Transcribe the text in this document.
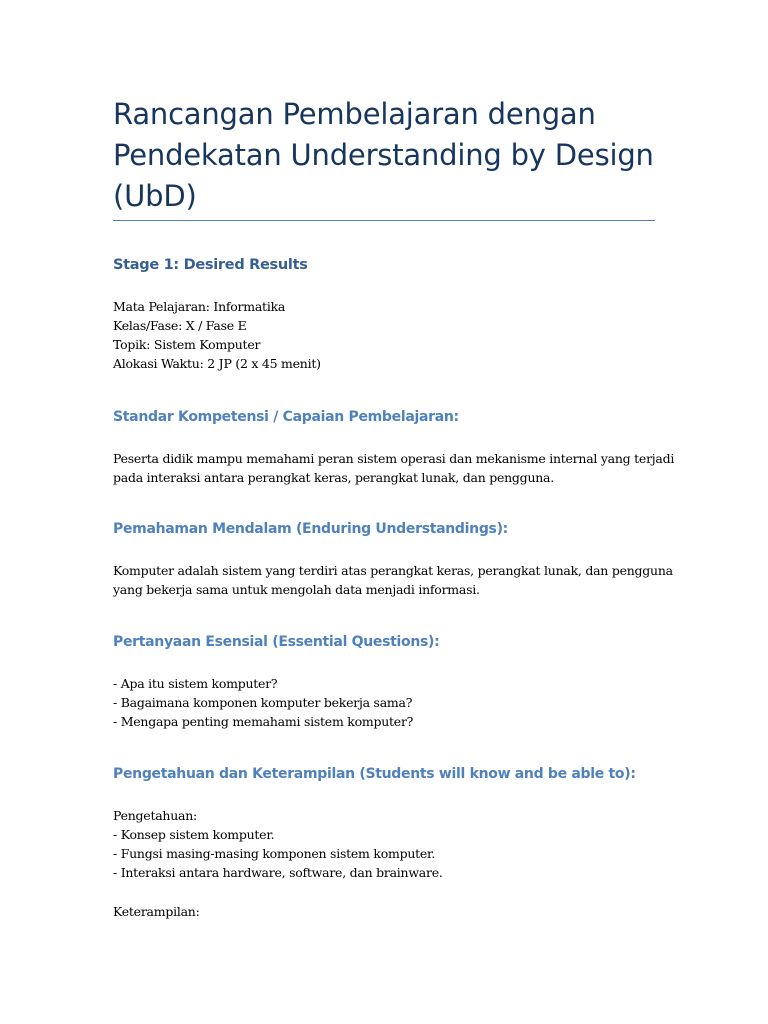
Rancangan Pembelajaran dengan
Pendekatan Understanding by Design
(UbD)
Stage 1: Desired Results

Mata Pelajaran: Informatika
Kelas/Fase: X / Fase E
Topik: Sistem Komputer
Alokasi Waktu: 2 JP (2 x 45 menit)

Standar Kompetensi / Capaian Pembelajaran:

Peserta didik mampu memahami peran sistem operasi dan mekanisme internal yang terjadi
pada interaksi antara perangkat keras, perangkat lunak, dan pengguna.

Pemahaman Mendalam (Enduring Understandings):

Komputer adalah sistem yang terdiri atas perangkat keras, perangkat lunak, dan pengguna
yang bekerja sama untuk mengolah data menjadi informasi.

Pertanyaan Esensial (Essential Questions):

- Apa itu sistem komputer?
- Bagaimana komponen komputer bekerja sama?
- Mengapa penting memahami sistem komputer?

Pengetahuan dan Keterampilan (Students will know and be able to):

Pengetahuan:
- Konsep sistem komputer.
- Fungsi masing-masing komponen sistem komputer.
- Interaksi antara hardware, software, dan brainware.

Keterampilan:
